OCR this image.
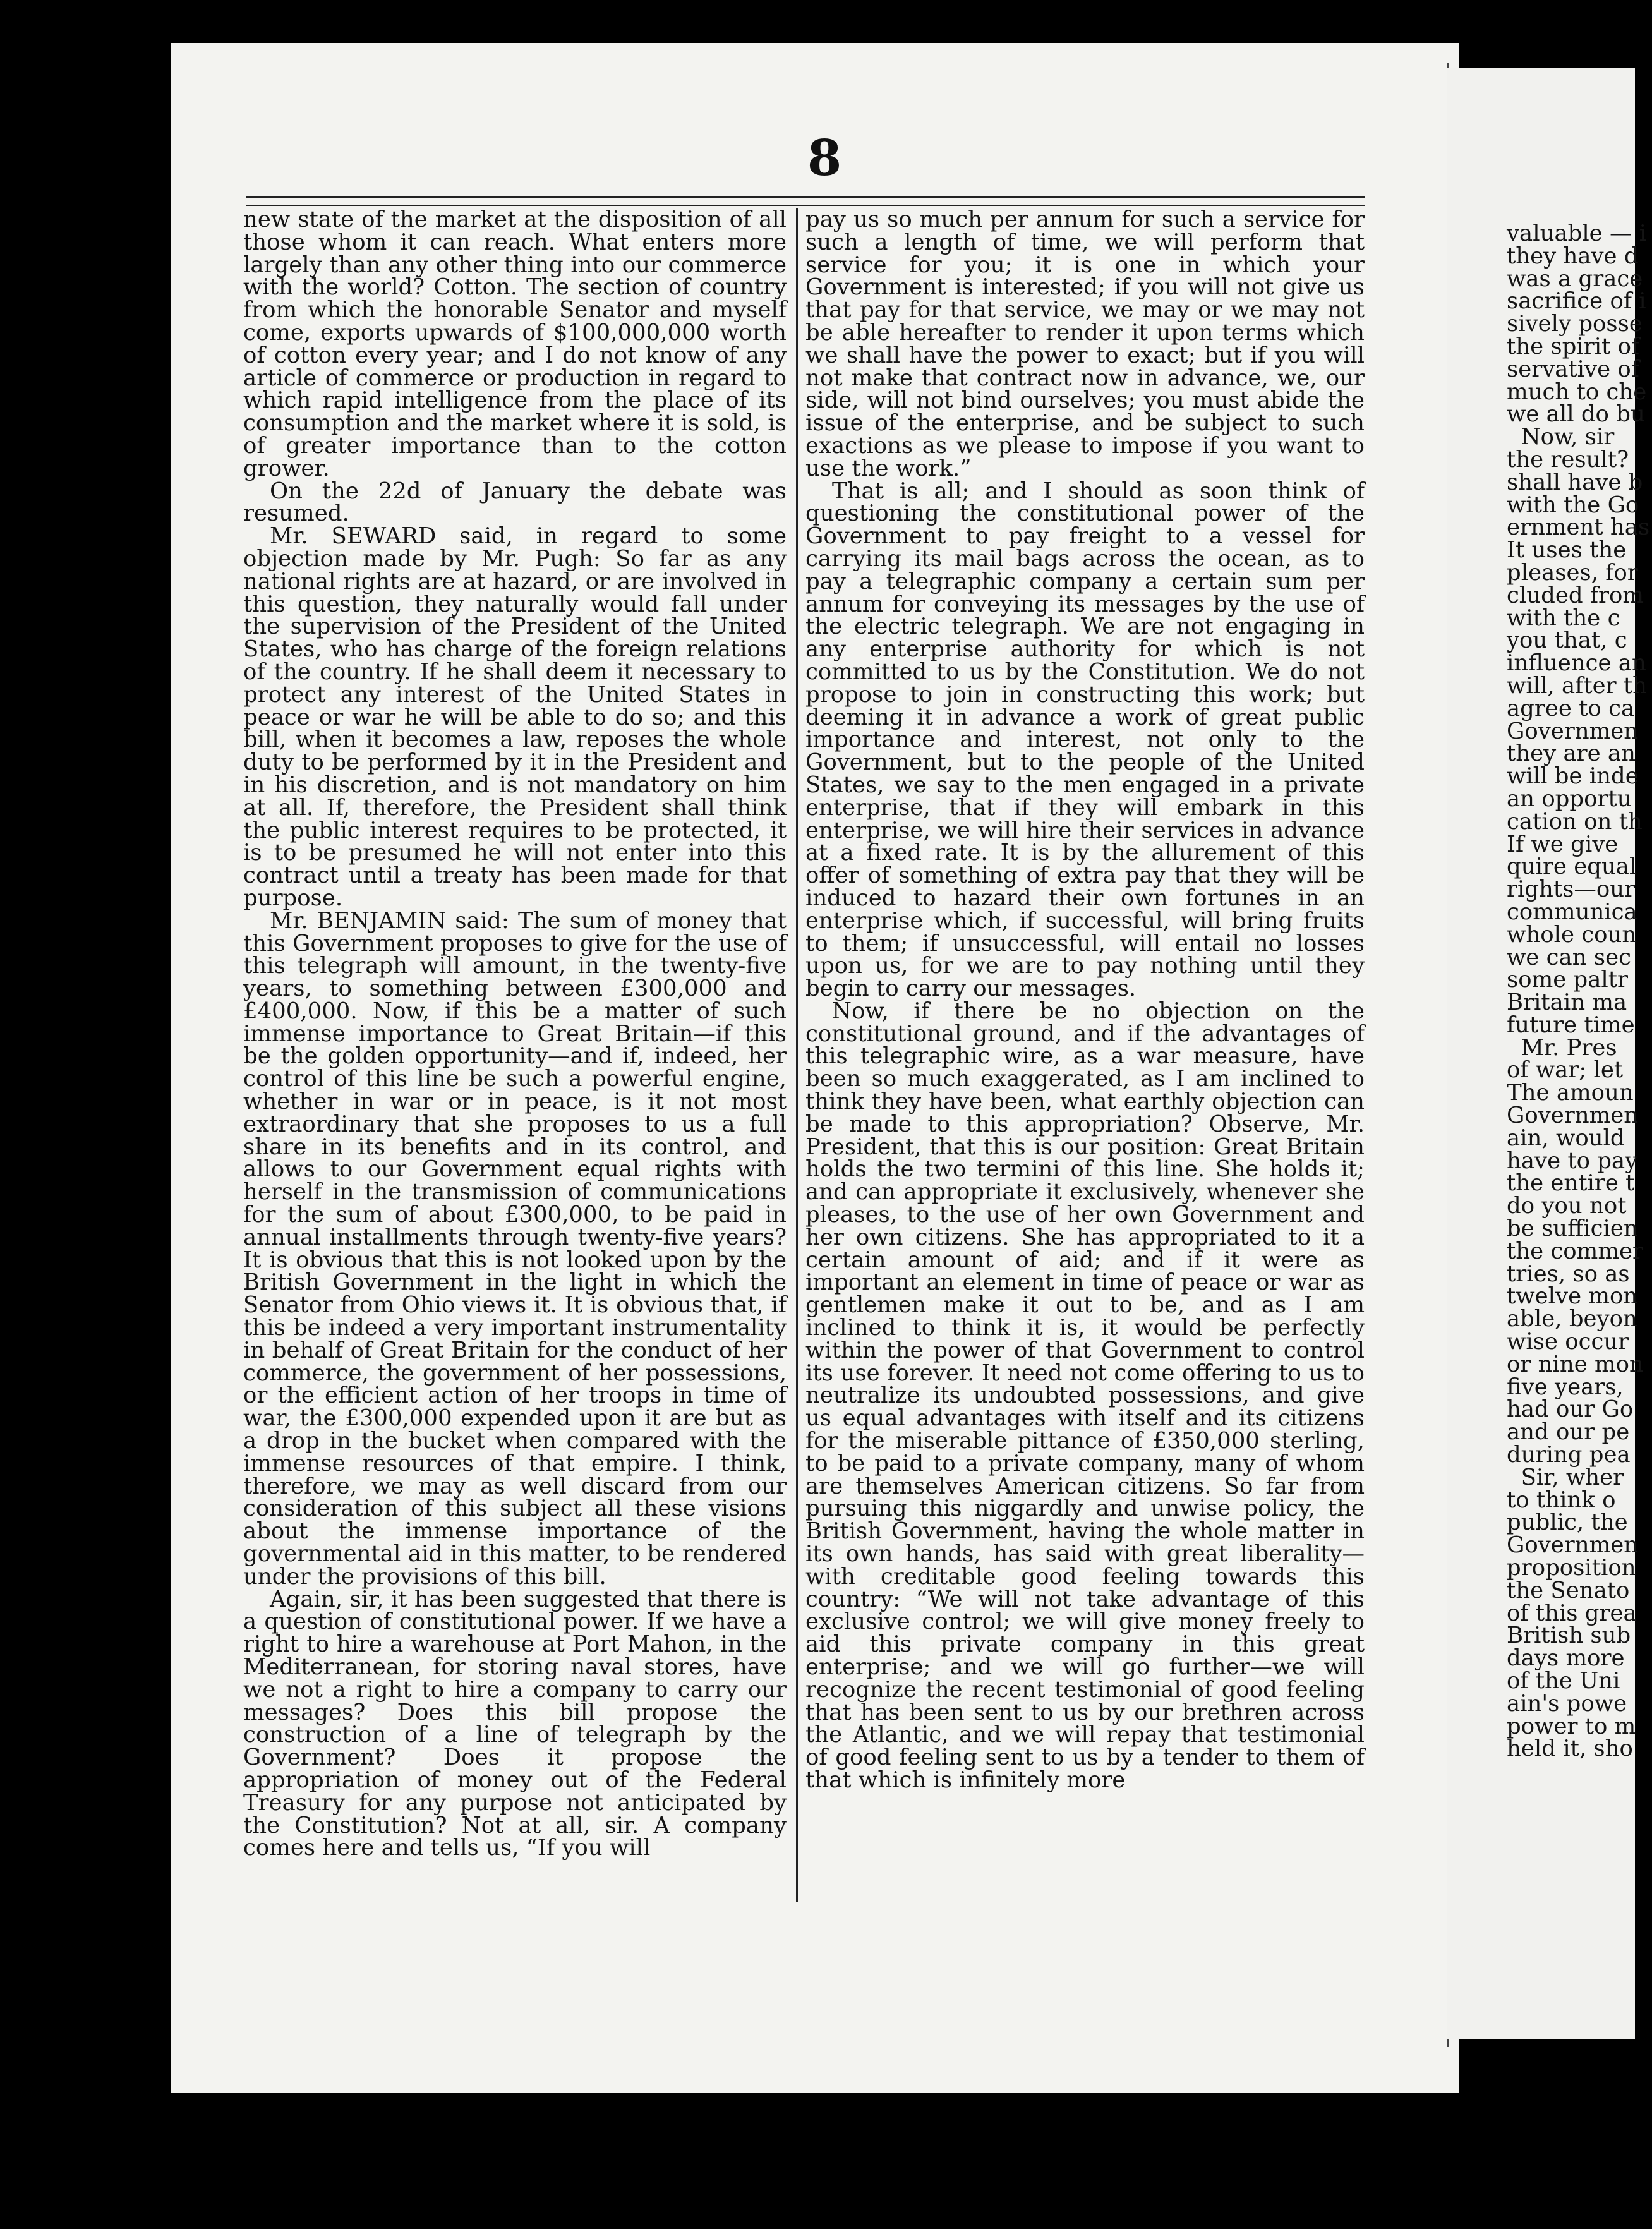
8

new state of the market at the disposition of all those whom it can reach. What enters more largely than any other thing into our commerce with the world? Cotton. The section of country from which the honorable Senator and myself come, exports upwards of $100,000,000 worth of cotton every year; and I do not know of any article of commerce or production in regard to which rapid intelligence from the place of its consumption and the market where it is sold, is of greater importance than to the cotton grower.

On the 22d of January the debate was resumed.

Mr. SEWARD said, in regard to some objection made by Mr. Pugh: So far as any national rights are at hazard, or are involved in this question, they naturally would fall under the supervision of the President of the United States, who has charge of the foreign relations of the country. If he shall deem it necessary to protect any interest of the United States in peace or war he will be able to do so; and this bill, when it becomes a law, reposes the whole duty to be performed by it in the President and in his discretion, and is not mandatory on him at all. If, therefore, the President shall think the public interest requires to be protected, it is to be presumed he will not enter into this contract until a treaty has been made for that purpose.

Mr. BENJAMIN said: The sum of money that this Government proposes to give for the use of this telegraph will amount, in the twenty-five years, to something between £300,000 and £400,000. Now, if this be a matter of such immense importance to Great Britain—if this be the golden opportunity—and if, indeed, her control of this line be such a powerful engine, whether in war or in peace, is it not most extraordinary that she proposes to us a full share in its benefits and in its control, and allows to our Government equal rights with herself in the transmission of communications for the sum of about £300,000, to be paid in annual installments through twenty-five years? It is obvious that this is not looked upon by the British Government in the light in which the Senator from Ohio views it. It is obvious that, if this be indeed a very important instrumentality in behalf of Great Britain for the conduct of her commerce, the government of her possessions, or the efficient action of her troops in time of war, the £300,000 expended upon it are but as a drop in the bucket when compared with the immense resources of that empire. I think, therefore, we may as well discard from our consideration of this subject all these visions about the immense importance of the governmental aid in this matter, to be rendered under the provisions of this bill.

Again, sir, it has been suggested that there is a question of constitutional power. If we have a right to hire a warehouse at Port Mahon, in the Mediterranean, for storing naval stores, have we not a right to hire a company to carry our messages? Does this bill propose the construction of a line of telegraph by the Government? Does it propose the appropriation of money out of the Federal Treasury for any purpose not anticipated by the Constitution? Not at all, sir. A company comes here and tells us, “If you will

pay us so much per annum for such a service for such a length of time, we will perform that service for you; it is one in which your Government is interested; if you will not give us that pay for that service, we may or we may not be able hereafter to render it upon terms which we shall have the power to exact; but if you will not make that contract now in advance, we, our side, will not bind ourselves; you must abide the issue of the enterprise, and be subject to such exactions as we please to impose if you want to use the work.”

That is all; and I should as soon think of questioning the constitutional power of the Government to pay freight to a vessel for carrying its mail bags across the ocean, as to pay a telegraphic company a certain sum per annum for conveying its messages by the use of the electric telegraph. We are not engaging in any enterprise authority for which is not committed to us by the Constitution. We do not propose to join in constructing this work; but deeming it in advance a work of great public importance and interest, not only to the Government, but to the people of the United States, we say to the men engaged in a private enterprise, that if they will embark in this enterprise, we will hire their services in advance at a fixed rate. It is by the allurement of this offer of something of extra pay that they will be induced to hazard their own fortunes in an enterprise which, if successful, will bring fruits to them; if unsuccessful, will entail no losses upon us, for we are to pay nothing until they begin to carry our messages.

Now, if there be no objection on the constitutional ground, and if the advantages of this telegraphic wire, as a war measure, have been so much exaggerated, as I am inclined to think they have been, what earthly objection can be made to this appropriation? Observe, Mr. President, that this is our position: Great Britain holds the two termini of this line. She holds it; and can appropriate it exclusively, whenever she pleases, to the use of her own Government and her own citizens. She has appropriated to it a certain amount of aid; and if it were as important an element in time of peace or war as gentlemen make it out to be, and as I am inclined to think it is, it would be perfectly within the power of that Government to control its use forever. It need not come offering to us to neutralize its undoubted possessions, and give us equal advantages with itself and its citizens for the miserable pittance of £350,000 sterling, to be paid to a private company, many of whom are themselves American citizens. So far from pursuing this niggardly and unwise policy, the British Government, having the whole matter in its own hands, has said with great liberality—with creditable good feeling towards this country: “We will not take advantage of this exclusive control; we will give money freely to aid this private company in this great enterprise; and we will go further—we will recognize the recent testimonial of good feeling that has been sent to us by our brethren across the Atlantic, and we will repay that testimonial of good feeling sent to us by a tender to them of that which is infinitely more

valuable — i
they have d
was a grace
sacrifice of i
sively posse
the spirit of
servative of
much to che
we all do bu
Now, sir
the result?
shall have b
with the Go
ernment has
It uses the
pleases, for
cluded from
with the c
you that, c
influence an
will, after th
agree to ca
Governmen
they are an
will be inde
an opportu
cation on th
If we give
quire equal
rights—our
communica
whole coun
we can sec
some paltr
Britain ma
future time
Mr. Pres
of war; let
The amoun
Governmen
ain, would
have to pay
the entire t
do you not
be sufficien
the commer
tries, so as
twelve mon
able, beyon
wise occur
or nine mon
five years,
had our Go
and our pe
during pea
Sir, wher
to think o
public, the
Governmen
proposition
the Senato
of this grea
British sub
days more
of the Uni
ain's powe
power to m
held it, sho
